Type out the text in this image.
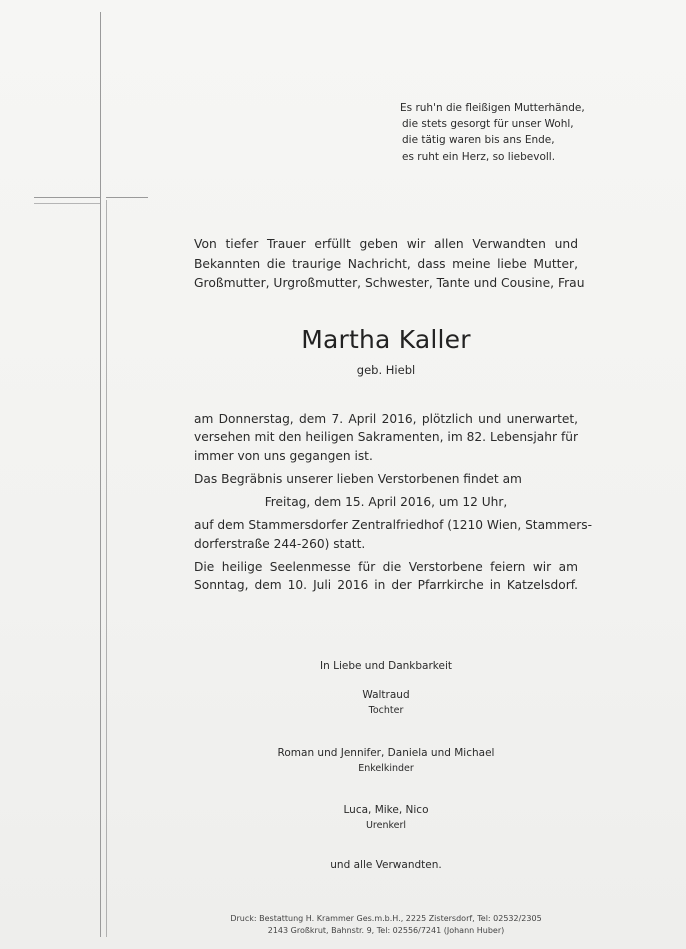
Es ruh'n die fleißigen Mutterhände,
die stets gesorgt für unser Wohl,
die tätig waren bis ans Ende,
es ruht ein Herz, so liebevoll.
Von tiefer Trauer erfüllt geben wir allen Verwandten und
Bekannten die traurige Nachricht, dass meine liebe Mutter,
Großmutter, Urgroßmutter, Schwester, Tante und Cousine, Frau
Martha Kaller
geb. Hiebl
am Donnerstag, dem 7. April 2016, plötzlich und unerwartet,
versehen mit den heiligen Sakramenten, im 82. Lebensjahr für
immer von uns gegangen ist.
Das Begräbnis unserer lieben Verstorbenen findet am
Freitag, dem 15. April 2016, um 12 Uhr,
auf dem Stammersdorfer Zentralfriedhof (1210 Wien, Stammers-
dorferstraße 244-260) statt.
Die heilige Seelenmesse für die Verstorbene feiern wir am
Sonntag, dem 10. Juli 2016 in der Pfarrkirche in Katzelsdorf.
In Liebe und Dankbarkeit
Waltraud
Tochter
Roman und Jennifer, Daniela und Michael
Enkelkinder
Luca, Mike, Nico
Urenkerl
und alle Verwandten.
Druck: Bestattung H. Krammer Ges.m.b.H., 2225 Zistersdorf, Tel: 02532/2305
2143 Großkrut, Bahnstr. 9, Tel: 02556/7241 (Johann Huber)
